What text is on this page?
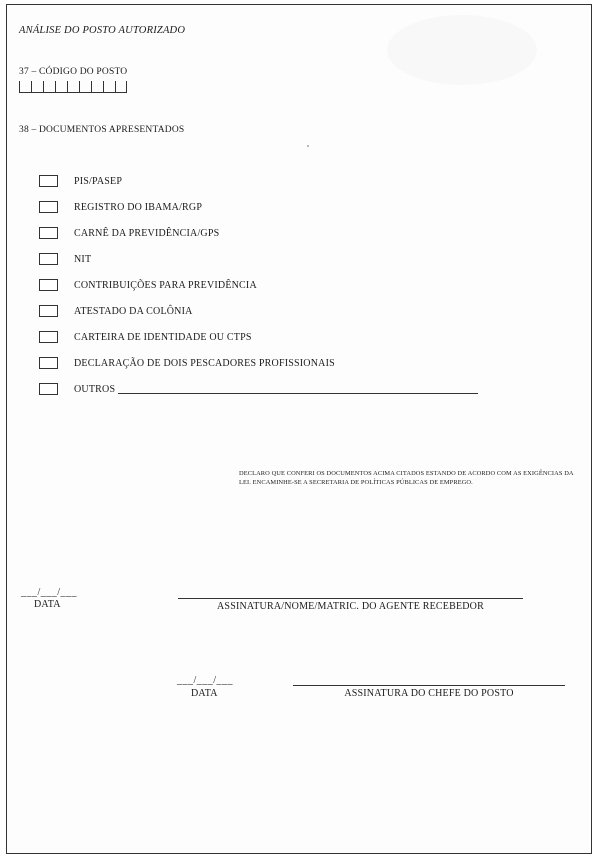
ANÁLISE DO POSTO AUTORIZADO
37 – CÓDIGO DO POSTO
38 – DOCUMENTOS APRESENTADOS
PIS/PASEP
REGISTRO DO IBAMA/RGP
CARNÊ DA PREVIDÊNCIA/GPS
NIT
CONTRIBUIÇÕES PARA PREVIDÊNCIA
ATESTADO DA COLÔNIA
CARTEIRA DE IDENTIDADE OU CTPS
DECLARAÇÃO DE DOIS PESCADORES PROFISSIONAIS
OUTROS
DECLARO QUE CONFERI OS DOCUMENTOS ACIMA CITADOS ESTANDO DE ACORDO COM AS EXIGÊNCIAS DA LEI. ENCAMINHE-SE A SECRETARIA DE POLÍTICAS PÚBLICAS DE EMPREGO.
___/___/___
DATA	ASSINATURA/NOME/MATRIC. DO AGENTE RECEBEDOR
___/___/___
DATA	ASSINATURA DO CHEFE DO POSTO
